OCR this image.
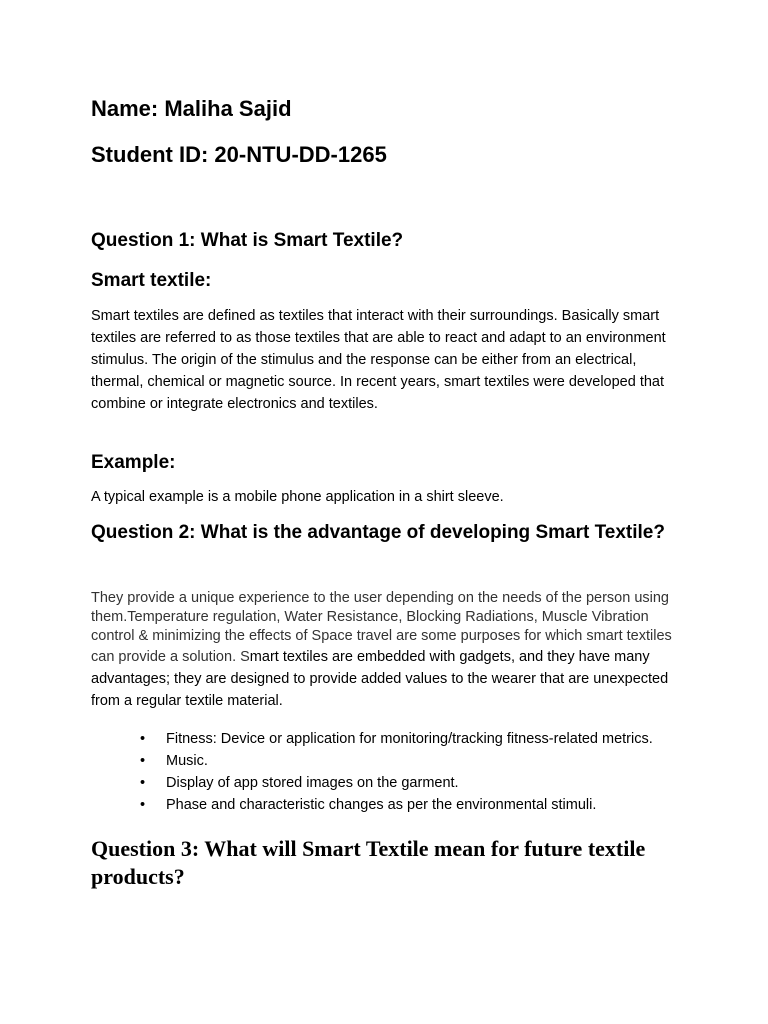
Name: Maliha Sajid
Student ID: 20-NTU-DD-1265
Question 1: What is Smart Textile?
Smart textile:

Smart textiles are defined as textiles that interact with their surroundings. Basically smart textiles are referred to as those textiles that are able to react and adapt to an environment stimulus. The origin of the stimulus and the response can be either from an electrical, thermal, chemical or magnetic source. In recent years, smart textiles were developed that combine or integrate electronics and textiles.

Example:

A typical example is a mobile phone application in a shirt sleeve.

Question 2: What is the advantage of developing Smart Textile?

They provide a unique experience to the user depending on the needs of the person using them.Temperature regulation, Water Resistance, Blocking Radiations, Muscle Vibration control & minimizing the effects of Space travel are some purposes for which smart textiles can provide a solution. Smart textiles are embedded with gadgets, and they have many advantages; they are designed to provide added values to the wearer that are unexpected from a regular textile material.

• Fitness: Device or application for monitoring/tracking fitness-related metrics.
• Music.
• Display of app stored images on the garment.
• Phase and characteristic changes as per the environmental stimuli.
Question 3: What will Smart Textile mean for future textile products?
